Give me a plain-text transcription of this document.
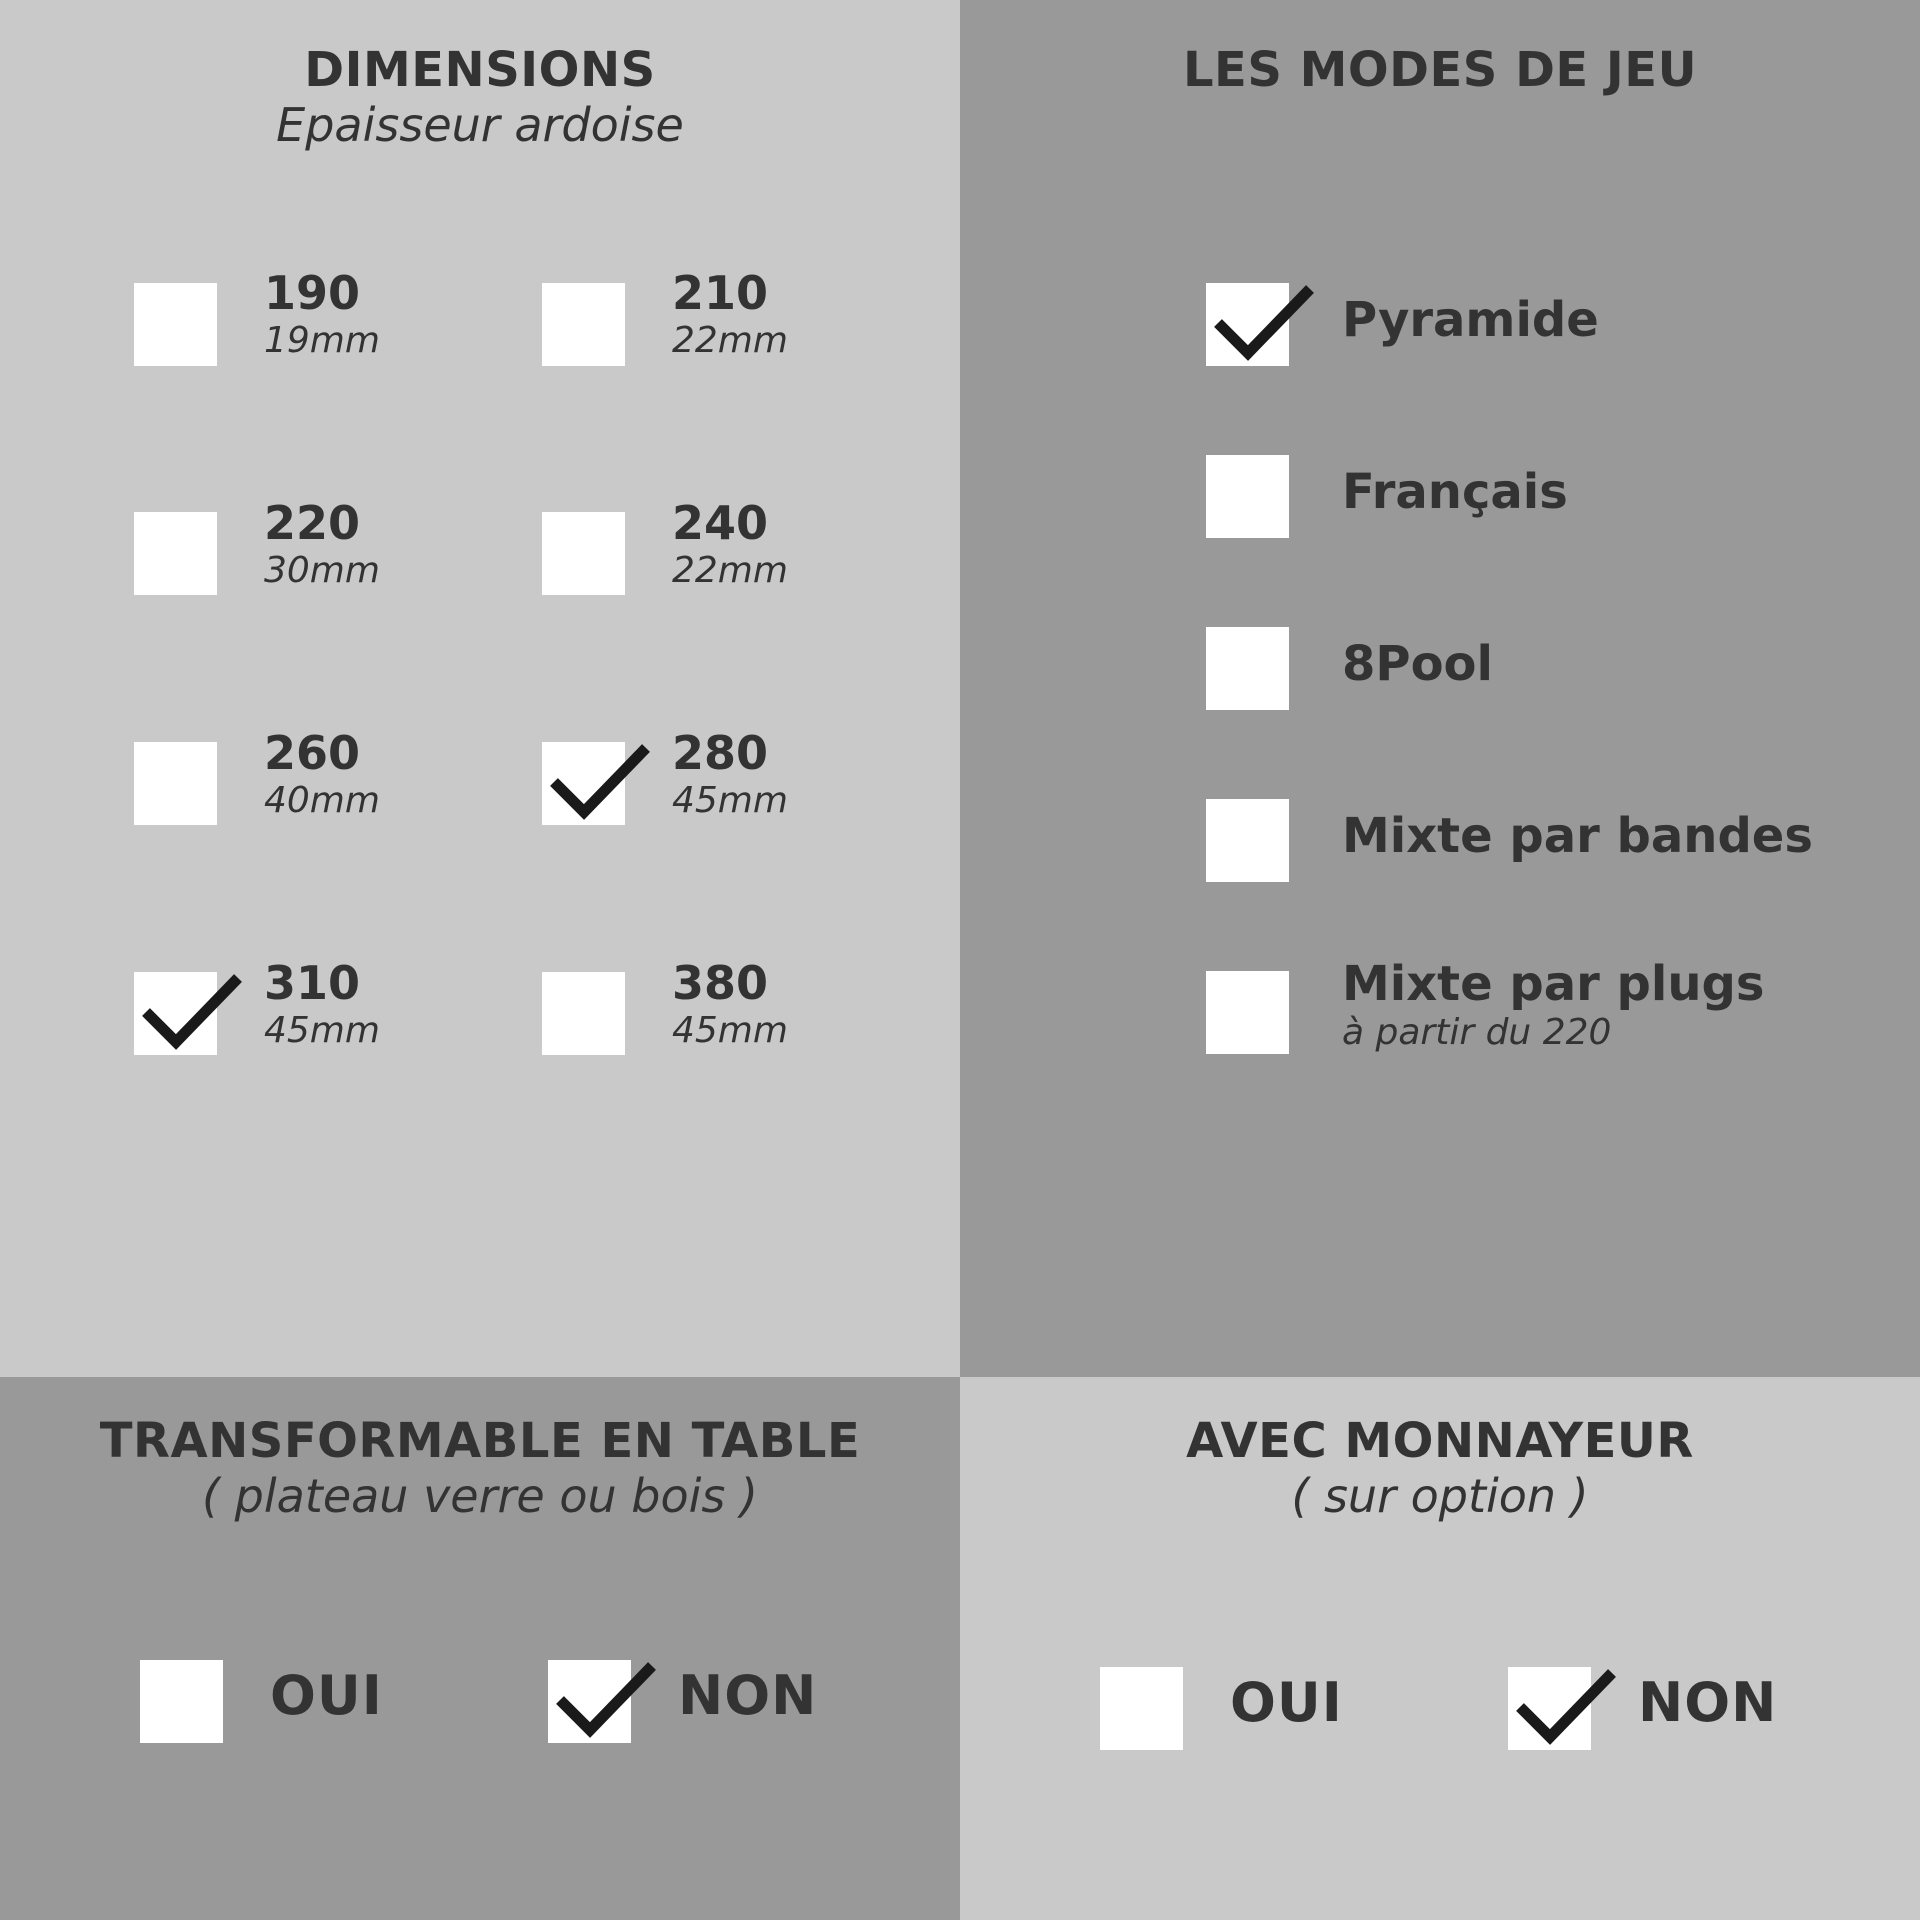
DIMENSIONS
Epaisseur ardoise
190
19mm
210
22mm
220
30mm
240
22mm
260
40mm
280
45mm
310
45mm
380
45mm
LES MODES DE JEU
Pyramide
Français
8Pool
Mixte par bandes
Mixte par plugs
à partir du 220
TRANSFORMABLE EN TABLE
( plateau verre ou bois )
OUI	NON
AVEC MONNAYEUR
( sur option )
OUI	NON
